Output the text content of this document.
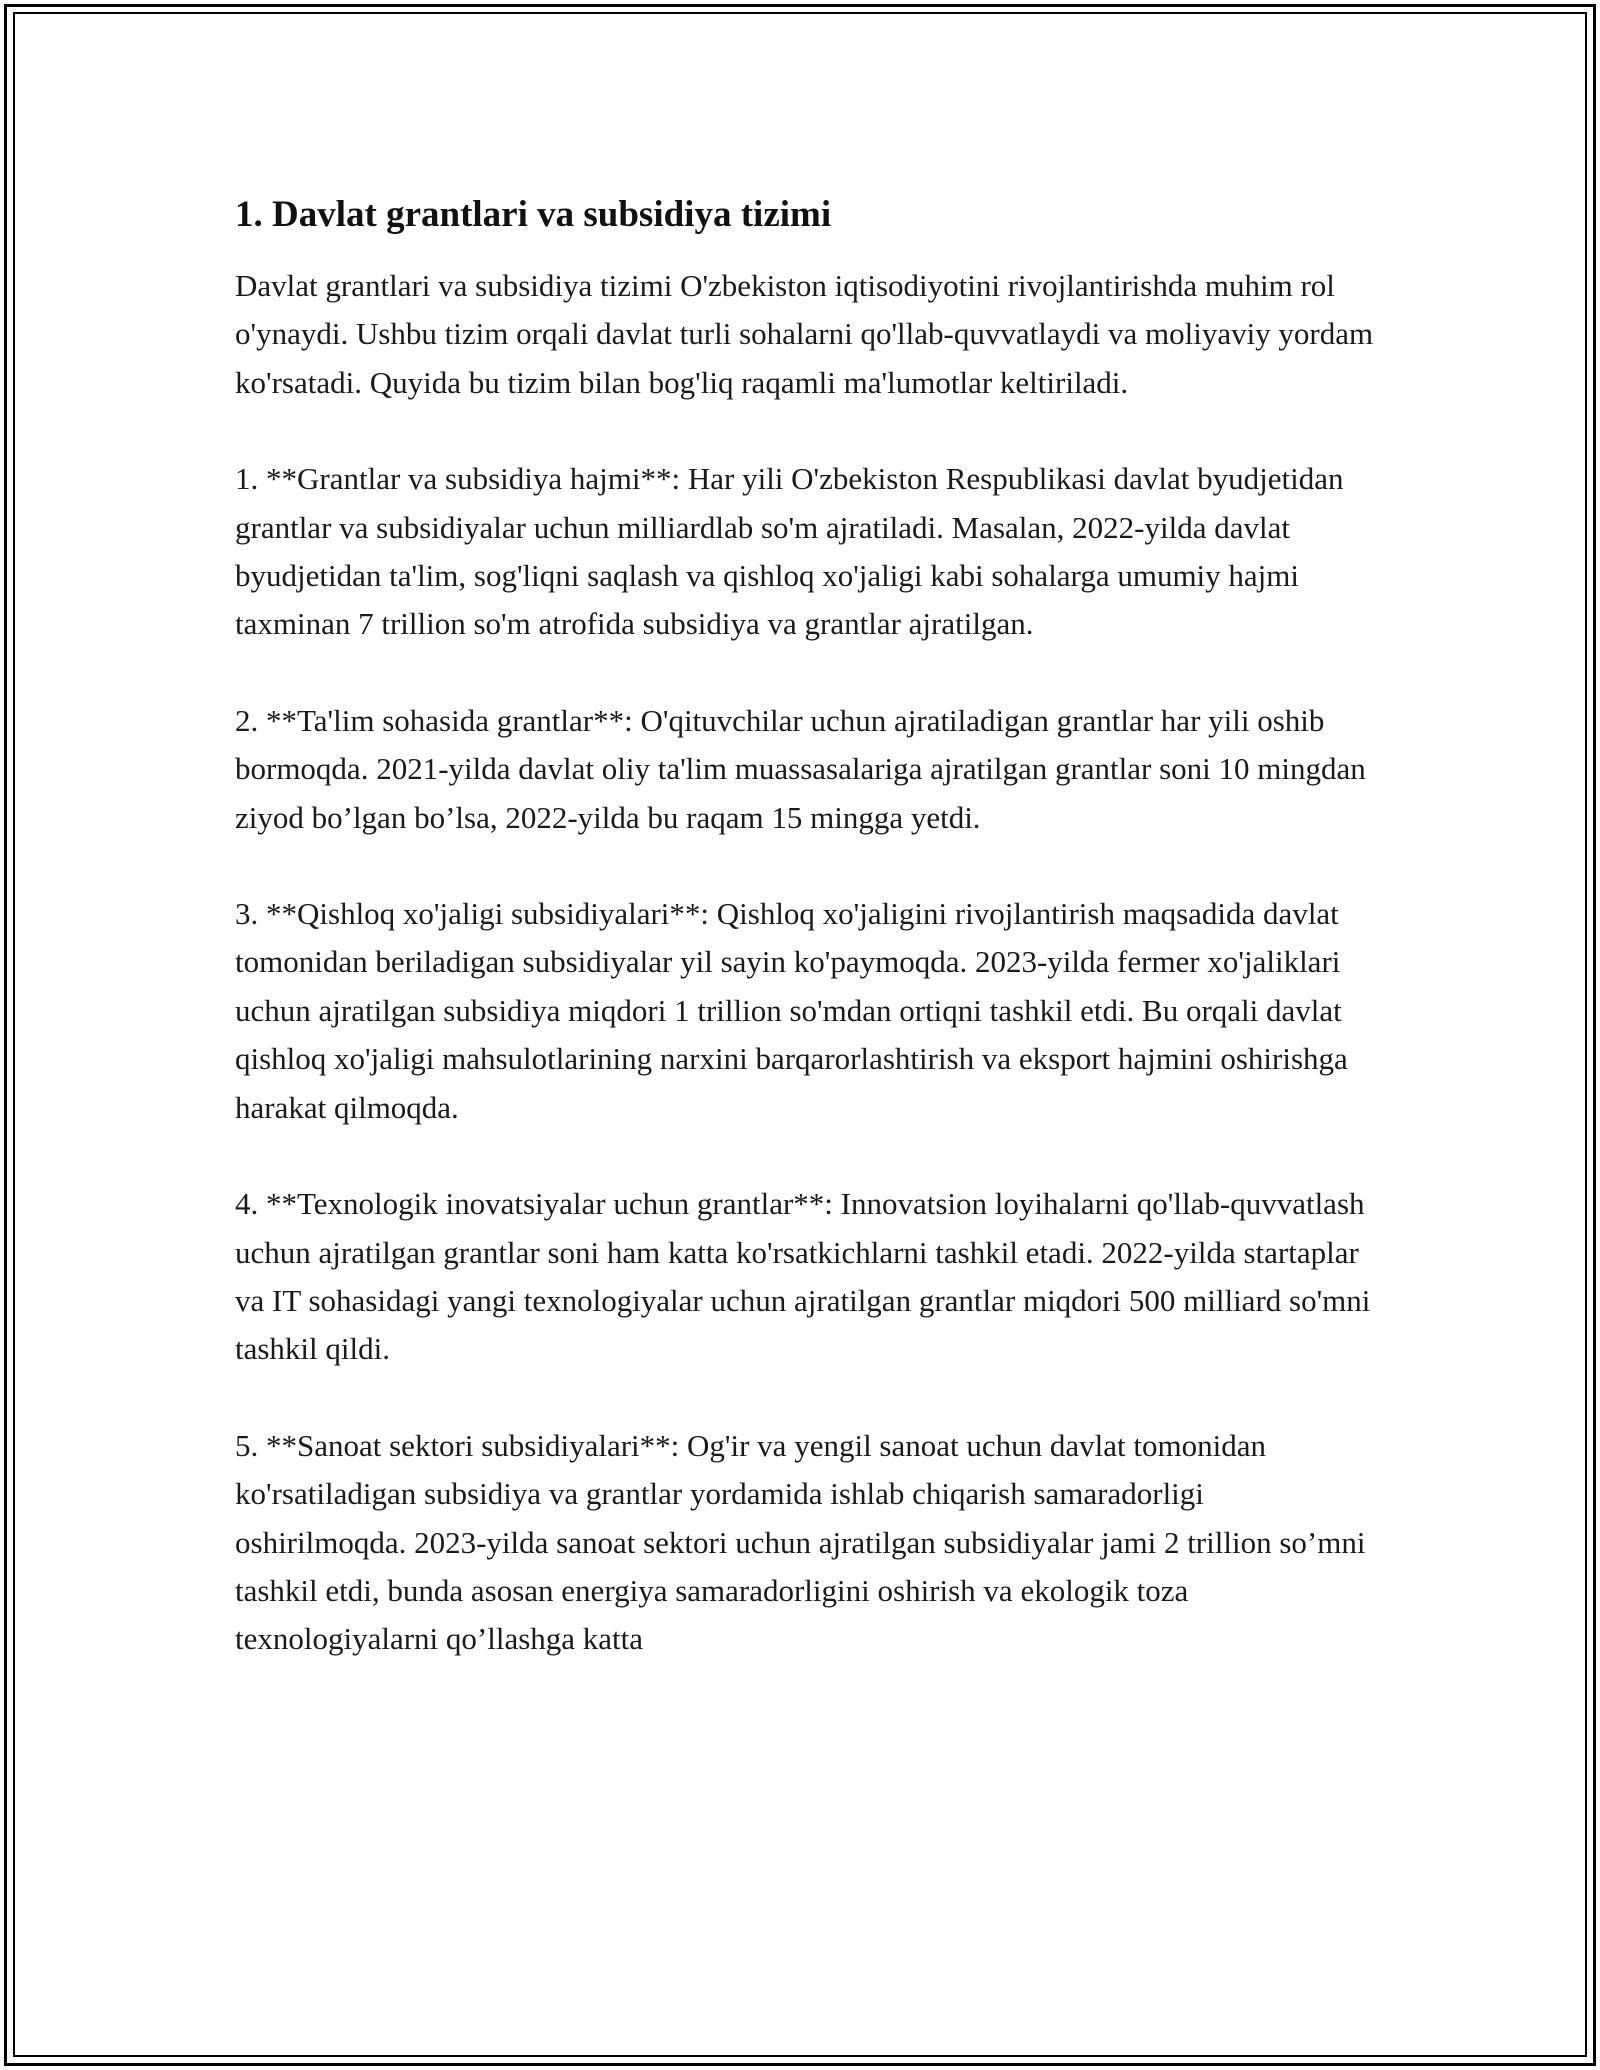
1. Davlat grantlari va subsidiya tizimi

Davlat grantlari va subsidiya tizimi O'zbekiston iqtisodiyotini rivojlantirishda muhim rol o'ynaydi. Ushbu tizim orqali davlat turli sohalarni qo'llab-quvvatlaydi va moliyaviy yordam ko'rsatadi. Quyida bu tizim bilan bog'liq raqamli ma'lumotlar keltiriladi.

1. **Grantlar va subsidiya hajmi**: Har yili O'zbekiston Respublikasi davlat byudjetidan grantlar va subsidiyalar uchun milliardlab so'm ajratiladi. Masalan, 2022-yilda davlat byudjetidan ta'lim, sog'liqni saqlash va qishloq xo'jaligi kabi sohalarga umumiy hajmi taxminan 7 trillion so'm atrofida subsidiya va grantlar ajratilgan.

2. **Ta'lim sohasida grantlar**: O'qituvchilar uchun ajratiladigan grantlar har yili oshib bormoqda. 2021-yilda davlat oliy ta'lim muassasalariga ajratilgan grantlar soni 10 mingdan ziyod bo’lgan bo’lsa, 2022-yilda bu raqam 15 mingga yetdi.

3. **Qishloq xo'jaligi subsidiyalari**: Qishloq xo'jaligini rivojlantirish maqsadida davlat tomonidan beriladigan subsidiyalar yil sayin ko'paymoqda. 2023-yilda fermer xo'jaliklari uchun ajratilgan subsidiya miqdori 1 trillion so'mdan ortiqni tashkil etdi. Bu orqali davlat qishloq xo'jaligi mahsulotlarining narxini barqarorlashtirish va eksport hajmini oshirishga harakat qilmoqda.

4. **Texnologik inovatsiyalar uchun grantlar**: Innovatsion loyihalarni qo'llab-quvvatlash uchun ajratilgan grantlar soni ham katta ko'rsatkichlarni tashkil etadi. 2022-yilda startaplar va IT sohasidagi yangi texnologiyalar uchun ajratilgan grantlar miqdori 500 milliard so'mni tashkil qildi.

5. **Sanoat sektori subsidiyalari**: Og'ir va yengil sanoat uchun davlat tomonidan ko'rsatiladigan subsidiya va grantlar yordamida ishlab chiqarish samaradorligi oshirilmoqda. 2023-yilda sanoat sektori uchun ajratilgan subsidiyalar jami 2 trillion so’mni tashkil etdi, bunda asosan energiya samaradorligini oshirish va ekologik toza texnologiyalarni qo’llashga katta
